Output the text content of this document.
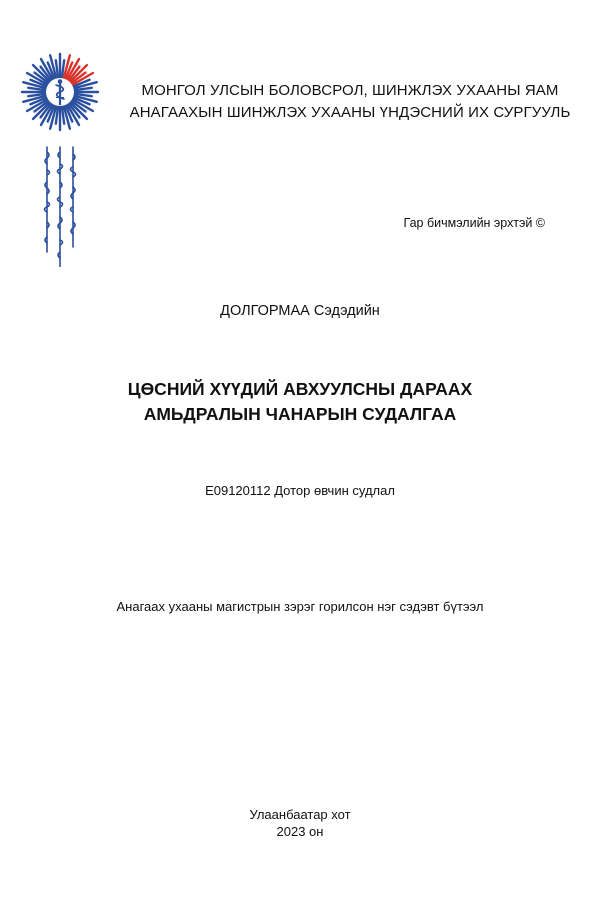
МОНГОЛ УЛСЫН БОЛОВСРОЛ, ШИНЖЛЭХ УХААНЫ ЯАМ
АНАГААХЫН ШИНЖЛЭХ УХААНЫ ҮНДЭСНИЙ ИХ СУРГУУЛЬ
Гар бичмэлийн эрхтэй ©
ДОЛГОРМАА Сэдэдийн
ЦӨСНИЙ ХҮҮДИЙ АВХУУЛСНЫ ДАРААХ
АМЬДРАЛЫН ЧАНАРЫН СУДАЛГАА
E09120112 Дотор өвчин судлал
Анагаах ухааны магистрын зэрэг горилсон нэг сэдэвт бүтээл
Улаанбаатар хот
2023 он
